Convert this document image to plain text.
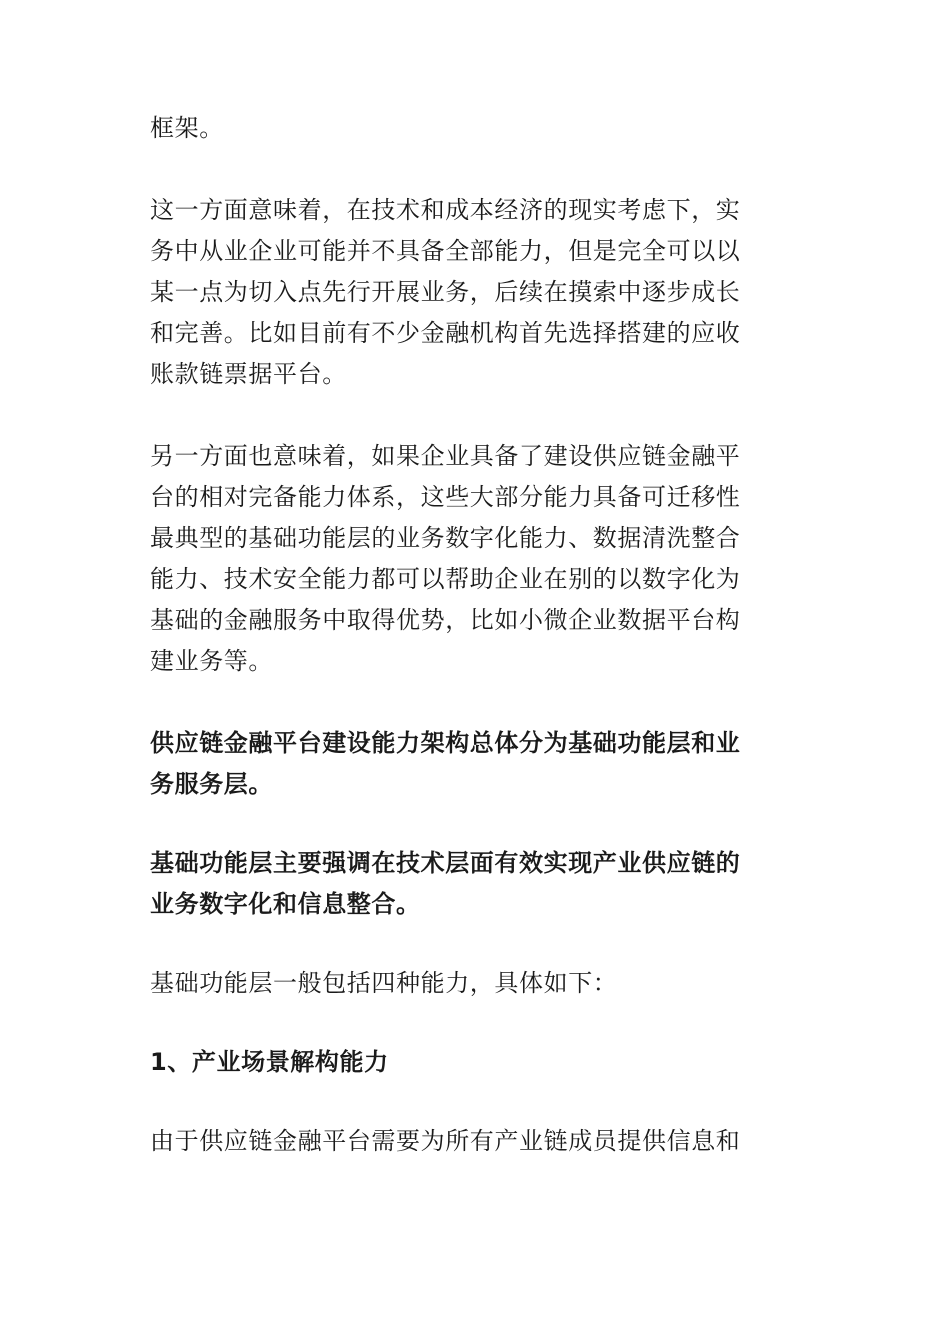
框架。

这一方面意味着，在技术和成本经济的现实考虑下，实
务中从业企业可能并不具备全部能力，但是完全可以以
某一点为切入点先行开展业务，后续在摸索中逐步成长
和完善。比如目前有不少金融机构首先选择搭建的应收
账款链票据平台。

另一方面也意味着，如果企业具备了建设供应链金融平
台的相对完备能力体系，这些大部分能力具备可迁移性
最典型的基础功能层的业务数字化能力、数据清洗整合
能力、技术安全能力都可以帮助企业在别的以数字化为
基础的金融服务中取得优势，比如小微企业数据平台构
建业务等。

供应链金融平台建设能力架构总体分为基础功能层和业
务服务层。

基础功能层主要强调在技术层面有效实现产业供应链的
业务数字化和信息整合。

基础功能层一般包括四种能力，具体如下：

1、产业场景解构能力

由于供应链金融平台需要为所有产业链成员提供信息和
